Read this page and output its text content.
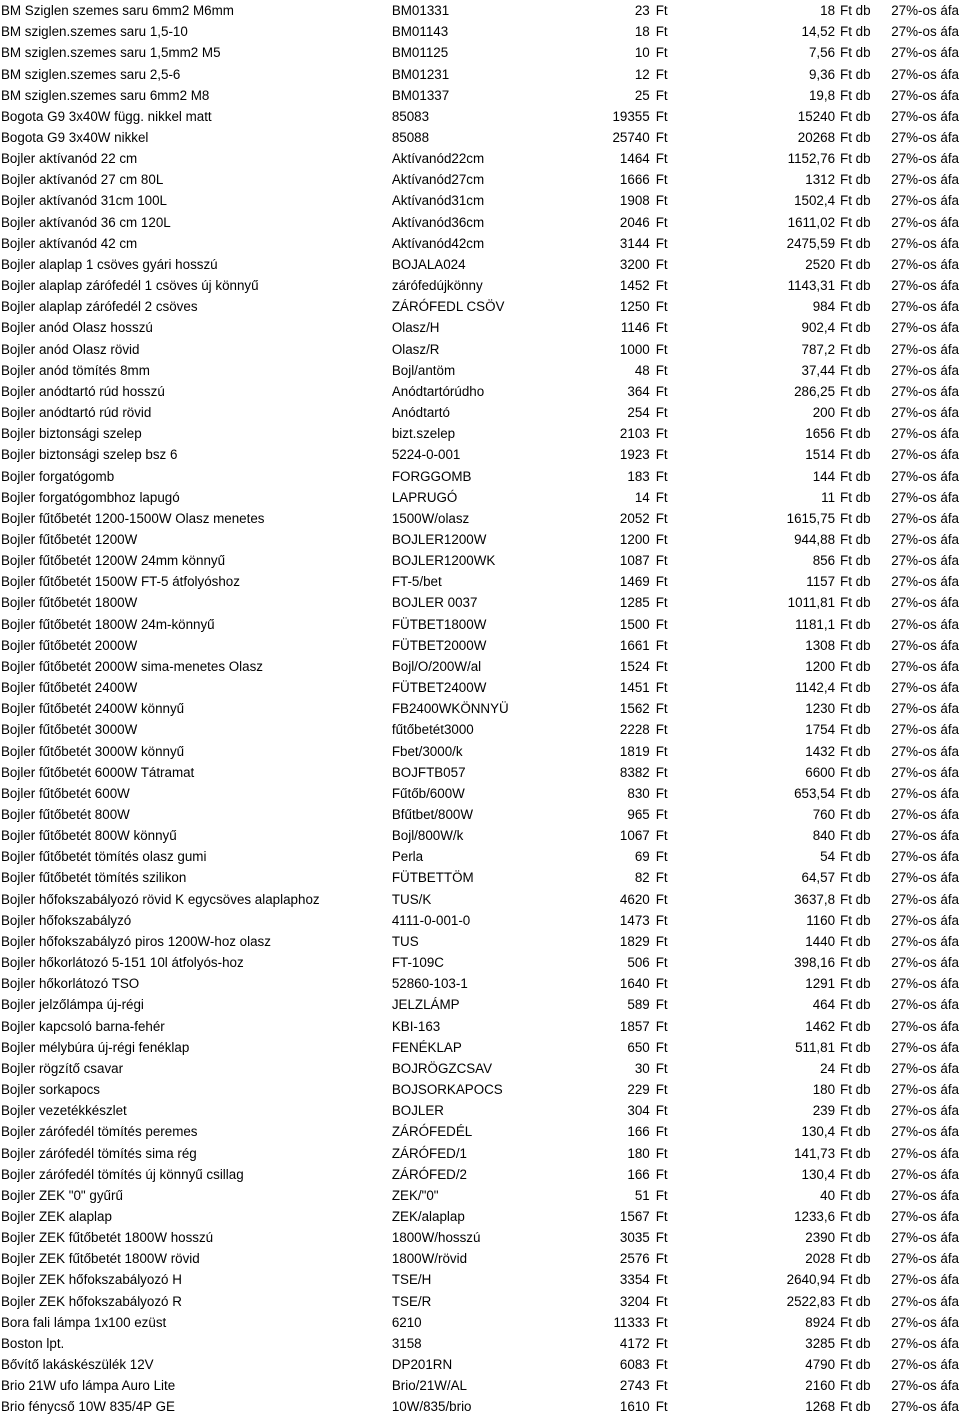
BM Sziglen szemes saru 6mm2 M6mm	BM01331	23	Ft	18	Ft db	27%-os áfa
BM sziglen.szemes saru 1,5-10	BM01143	18	Ft	14,52	Ft db	27%-os áfa
BM sziglen.szemes saru 1,5mm2 M5	BM01125	10	Ft	7,56	Ft db	27%-os áfa
BM sziglen.szemes saru 2,5-6	BM01231	12	Ft	9,36	Ft db	27%-os áfa
BM sziglen.szemes saru 6mm2 M8	BM01337	25	Ft	19,8	Ft db	27%-os áfa
Bogota G9 3x40W függ. nikkel matt	85083	19355	Ft	15240	Ft db	27%-os áfa
Bogota G9 3x40W nikkel	85088	25740	Ft	20268	Ft db	27%-os áfa
Bojler aktívanód 22 cm	Aktívanód22cm	1464	Ft	1152,76	Ft db	27%-os áfa
Bojler aktívanód 27 cm 80L	Aktívanód27cm	1666	Ft	1312	Ft db	27%-os áfa
Bojler aktívanód 31cm 100L	Aktívanód31cm	1908	Ft	1502,4	Ft db	27%-os áfa
Bojler aktívanód 36 cm 120L	Aktívanód36cm	2046	Ft	1611,02	Ft db	27%-os áfa
Bojler aktívanód 42 cm	Aktívanód42cm	3144	Ft	2475,59	Ft db	27%-os áfa
Bojler alaplap 1 csöves gyári hosszú	BOJALA024	3200	Ft	2520	Ft db	27%-os áfa
Bojler alaplap zárófedél 1 csöves új könnyű	zárófedújkönny	1452	Ft	1143,31	Ft db	27%-os áfa
Bojler alaplap zárófedél 2 csöves	ZÁRÓFEDL CSÖV	1250	Ft	984	Ft db	27%-os áfa
Bojler anód Olasz hosszú	Olasz/H	1146	Ft	902,4	Ft db	27%-os áfa
Bojler anód Olasz rövid	Olasz/R	1000	Ft	787,2	Ft db	27%-os áfa
Bojler anód tömítés 8mm	Bojl/antöm	48	Ft	37,44	Ft db	27%-os áfa
Bojler anódtartó rúd hosszú	Anódtartórúdho	364	Ft	286,25	Ft db	27%-os áfa
Bojler anódtartó rúd rövid	Anódtartó	254	Ft	200	Ft db	27%-os áfa
Bojler biztonsági szelep	bizt.szelep	2103	Ft	1656	Ft db	27%-os áfa
Bojler biztonsági szelep bsz 6	5224-0-001	1923	Ft	1514	Ft db	27%-os áfa
Bojler forgatógomb	FORGGOMB	183	Ft	144	Ft db	27%-os áfa
Bojler forgatógombhoz lapugó	LAPRUGÓ	14	Ft	11	Ft db	27%-os áfa
Bojler fűtőbetét 1200-1500W Olasz menetes	1500W/olasz	2052	Ft	1615,75	Ft db	27%-os áfa
Bojler fűtőbetét 1200W	BOJLER1200W	1200	Ft	944,88	Ft db	27%-os áfa
Bojler fűtőbetét 1200W 24mm könnyű	BOJLER1200WK	1087	Ft	856	Ft db	27%-os áfa
Bojler fűtőbetét 1500W FT-5 átfolyóshoz	FT-5/bet	1469	Ft	1157	Ft db	27%-os áfa
Bojler fűtőbetét 1800W	BOJLER 0037	1285	Ft	1011,81	Ft db	27%-os áfa
Bojler fűtőbetét 1800W 24m-könnyű	FÜTBET1800W	1500	Ft	1181,1	Ft db	27%-os áfa
Bojler fűtőbetét 2000W	FÜTBET2000W	1661	Ft	1308	Ft db	27%-os áfa
Bojler fűtőbetét 2000W sima-menetes Olasz	Bojl/O/200W/al	1524	Ft	1200	Ft db	27%-os áfa
Bojler fűtőbetét 2400W	FÜTBET2400W	1451	Ft	1142,4	Ft db	27%-os áfa
Bojler fűtőbetét 2400W könnyű	FB2400WKÖNNYÜ	1562	Ft	1230	Ft db	27%-os áfa
Bojler fűtőbetét 3000W	fűtőbetét3000	2228	Ft	1754	Ft db	27%-os áfa
Bojler fűtőbetét 3000W könnyű	Fbet/3000/k	1819	Ft	1432	Ft db	27%-os áfa
Bojler fűtőbetét 6000W Tátramat	BOJFTB057	8382	Ft	6600	Ft db	27%-os áfa
Bojler fűtőbetét 600W	Fűtőb/600W	830	Ft	653,54	Ft db	27%-os áfa
Bojler fűtőbetét 800W	Bfűtbet/800W	965	Ft	760	Ft db	27%-os áfa
Bojler fűtőbetét 800W könnyű	Bojl/800W/k	1067	Ft	840	Ft db	27%-os áfa
Bojler fűtőbetét tömítés olasz gumi	Perla	69	Ft	54	Ft db	27%-os áfa
Bojler fűtőbetét tömítés szilikon	FÜTBETTÖM	82	Ft	64,57	Ft db	27%-os áfa
Bojler hőfokszabályozó rövid K egycsöves alaplaphoz	TUS/K	4620	Ft	3637,8	Ft db	27%-os áfa
Bojler hőfokszabályzó	4111-0-001-0	1473	Ft	1160	Ft db	27%-os áfa
Bojler hőfokszabályzó piros 1200W-hoz olasz	TUS	1829	Ft	1440	Ft db	27%-os áfa
Bojler hőkorlátozó 5-151 10l átfolyós-hoz	FT-109C	506	Ft	398,16	Ft db	27%-os áfa
Bojler hőkorlátozó TSO	52860-103-1	1640	Ft	1291	Ft db	27%-os áfa
Bojler jelzőlámpa új-régi	JELZLÁMP	589	Ft	464	Ft db	27%-os áfa
Bojler kapcsoló barna-fehér	KBI-163	1857	Ft	1462	Ft db	27%-os áfa
Bojler mélybúra új-régi fenéklap	FENÉKLAP	650	Ft	511,81	Ft db	27%-os áfa
Bojler rögzítő csavar	BOJRÖGZCSAV	30	Ft	24	Ft db	27%-os áfa
Bojler sorkapocs	BOJSORKAPOCS	229	Ft	180	Ft db	27%-os áfa
Bojler vezetékkészlet	BOJLER	304	Ft	239	Ft db	27%-os áfa
Bojler zárófedél tömítés peremes	ZÁRÓFEDÉL	166	Ft	130,4	Ft db	27%-os áfa
Bojler zárófedél tömítés sima rég	ZÁRÓFED/1	180	Ft	141,73	Ft db	27%-os áfa
Bojler zárófedél tömítés új könnyű csillag	ZÁRÓFED/2	166	Ft	130,4	Ft db	27%-os áfa
Bojler ZEK "0" gyűrű	ZEK/"0"	51	Ft	40	Ft db	27%-os áfa
Bojler ZEK alaplap	ZEK/alaplap	1567	Ft	1233,6	Ft db	27%-os áfa
Bojler ZEK fűtőbetét 1800W hosszú	1800W/hosszú	3035	Ft	2390	Ft db	27%-os áfa
Bojler ZEK fűtőbetét 1800W rövid	1800W/rövid	2576	Ft	2028	Ft db	27%-os áfa
Bojler ZEK hőfokszabályozó H	TSE/H	3354	Ft	2640,94	Ft db	27%-os áfa
Bojler ZEK hőfokszabályozó R	TSE/R	3204	Ft	2522,83	Ft db	27%-os áfa
Bora fali lámpa 1x100 ezüst	6210	11333	Ft	8924	Ft db	27%-os áfa
Boston lpt.	3158	4172	Ft	3285	Ft db	27%-os áfa
Bővítő lakáskészülék 12V	DP201RN	6083	Ft	4790	Ft db	27%-os áfa
Brio 21W ufo lámpa Auro Lite	Brio/21W/AL	2743	Ft	2160	Ft db	27%-os áfa
Brio fénycső 10W 835/4P GE	10W/835/brio	1610	Ft	1268	Ft db	27%-os áfa
